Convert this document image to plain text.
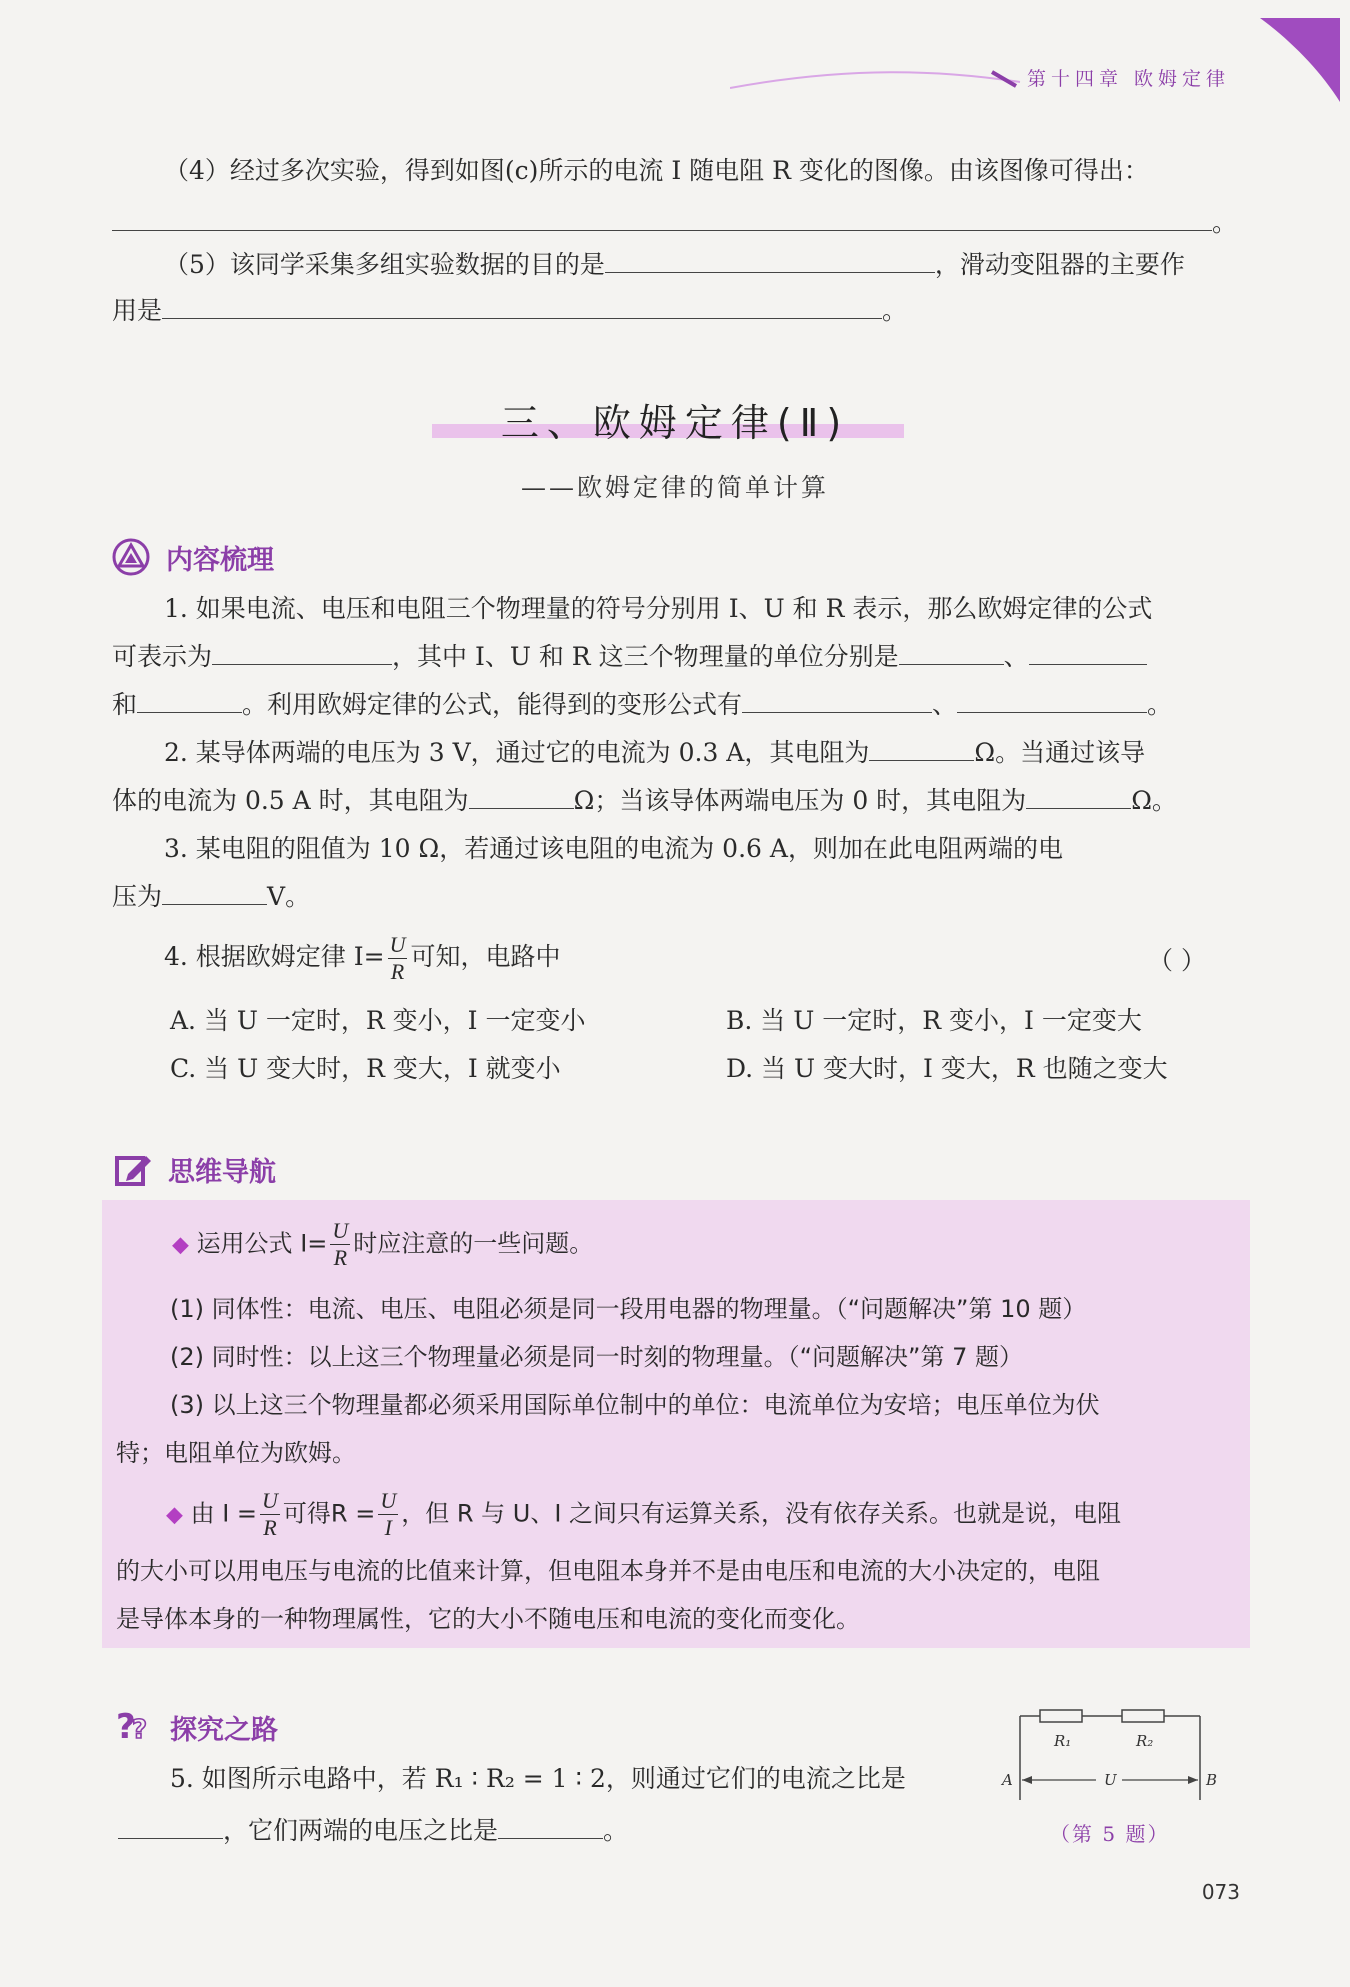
第十四章 欧姆定律
（4）经过多次实验，得到如图(c)所示的电流 I 随电阻 R 变化的图像。由该图像可得出：
。
（5）该同学采集多组实验数据的目的是	，滑动变阻器的主要作
用是	。
三、欧姆定律(Ⅱ)
——欧姆定律的简单计算
内容梳理
1. 如果电流、电压和电阻三个物理量的符号分别用 I、U 和 R 表示，那么欧姆定律的公式
可表示为	，其中 I、U 和 R 这三个物理量的单位分别是	、
和	。利用欧姆定律的公式，能得到的变形公式有	、	。
2. 某导体两端的电压为 3 V，通过它的电流为 0.3 A，其电阻为	Ω。当通过该导
体的电流为 0.5 A 时，其电阻为	Ω；当该导体两端电压为 0 时，其电阻为	Ω。
3. 某电阻的阻值为 10 Ω，若通过该电阻的电流为 0.6 A，则加在此电阻两端的电
压为	V。
4. 根据欧姆定律 $I= \frac{U}{R}$ 可知，电路中	（ ）
A. 当 U 一定时，R 变小，I 一定变小	B. 当 U 一定时，R 变小，I 一定变大
C. 当 U 变大时，R 变大，I 就变小	D. 当 U 变大时，I 变大，R 也随之变大
思维导航
◆ 运用公式 $I= \frac{U}{R}$ 时应注意的一些问题。
(1) 同体性：电流、电压、电阻必须是同一段用电器的物理量。（“问题解决”第 10 题）
(2) 同时性：以上这三个物理量必须是同一时刻的物理量。（“问题解决”第 7 题）
(3) 以上这三个物理量都必须采用国际单位制中的单位：电流单位为安培；电压单位为伏
特；电阻单位为欧姆。
◆ 由 $I = \frac{U}{R}$ 可得$R = \frac{U}{I}$ ，但 R 与 U、I 之间只有运算关系，没有依存关系。也就是说，电阻
的大小可以用电压与电流的比值来计算，但电阻本身并不是由电压和电流的大小决定的，电阻
是导体本身的一种物理属性，它的大小不随电压和电流的变化而变化。
?
? 探究之路
5. 如图所示电路中，若 R₁ ∶ R₂ = 1 ∶ 2，则通过它们的电流之比是
，它们两端的电压之比是	。
R₁	R₂
A	U	B
（第 5 题）
073
